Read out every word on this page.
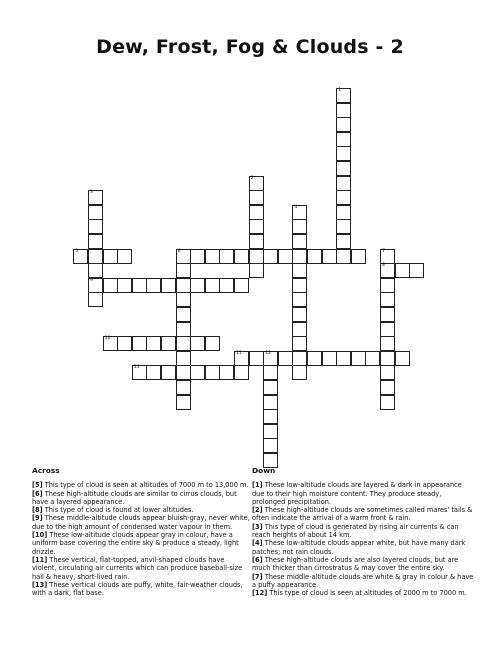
Dew, Frost, Fog & Clouds - 2
1
2
3
9
4
5	6	7
8
10
11	12
13
Across

[5] This type of cloud is seen at altitudes of 7000 m to 13,000 m.

[6] These high-altitude clouds are similar to cirrus clouds, but have a layered appearance.

[8] This type of cloud is found at lower altitudes.

[9] These middle-altitude clouds appear bluish-gray, never white, due to the high amount of condensed water vapour in them.

[10] These low-altitude clouds appear gray in colour, have a uniform base covering the entire sky & produce a steady, light drizzle.

[11] These vertical, flat-topped, anvil-shaped clouds have violent, circulating air currents which can produce baseball-size hail & heavy, short-lived rain.

[13] These vertical clouds are puffy, white, fair-weather clouds, with a dark, flat base.

Down

[1] These low-altitude clouds are layered & dark in appearance due to their high moisture content. They produce steady, prolonged precipitation.

[2] These high-altitude clouds are sometimes called mares' tails & often indicate the arrival of a warm front & rain.

[3] This type of cloud is generated by rising air currents & can reach heights of about 14 km.

[4] These low-altitude clouds appear white, but have many dark patches; not rain clouds.

[6] These high-altitude clouds are also layered clouds, but are much thicker than cirrostratus & may cover the entire sky.

[7] These middle-altitude clouds are white & gray in colour & have a puffy appearance.

[12] This type of cloud is seen at altitudes of 2000 m to 7000 m.
